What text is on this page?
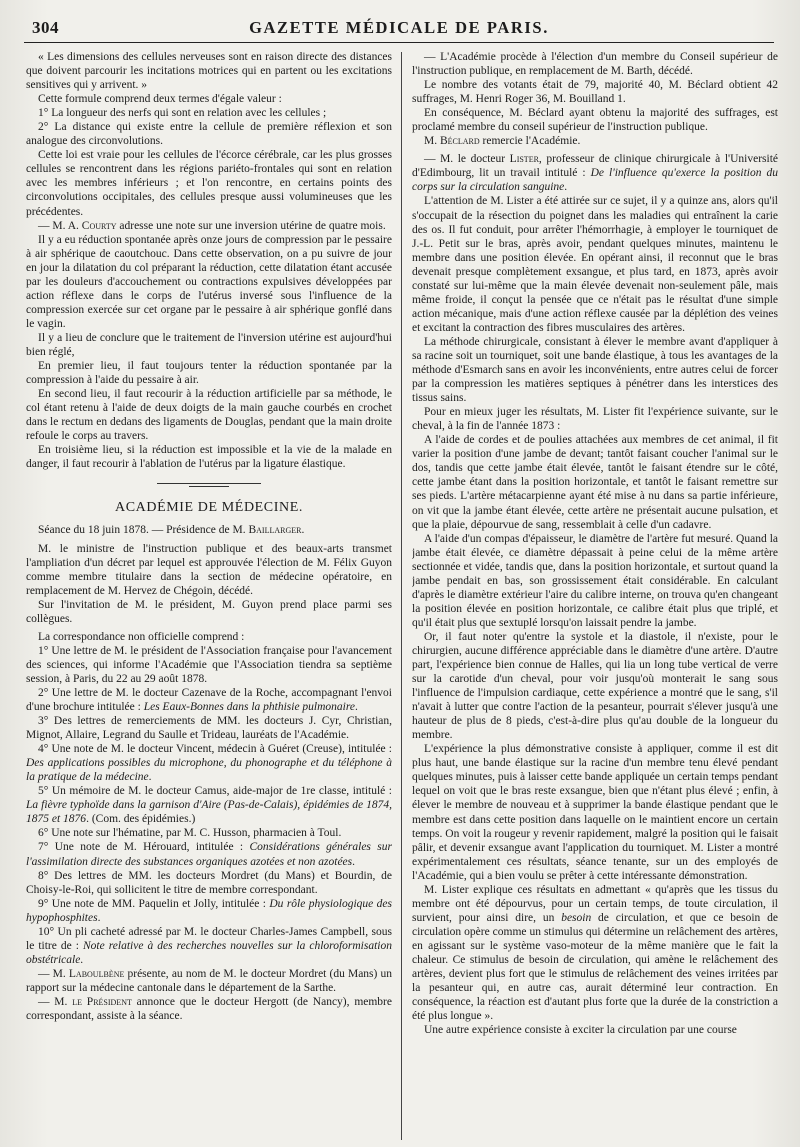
304	GAZETTE MÉDICALE DE PARIS.

« Les dimensions des cellules nerveuses sont en raison directe des distances que doivent parcourir les incitations motrices qui en partent ou les excitations sensitives qui y arrivent. »

Cette formule comprend deux termes d'égale valeur :

1° La longueur des nerfs qui sont en relation avec les cellules ;

2° La distance qui existe entre la cellule de première réflexion et son analogue des circonvolutions.

Cette loi est vraie pour les cellules de l'écorce cérébrale, car les plus grosses cellules se rencontrent dans les régions pariéto-frontales qui sont en relation avec les membres inférieurs ; et l'on rencontre, en certains points des circonvolutions occipitales, des cellules presque aussi volumineuses que les précédentes.

— M. A. Courty adresse une note sur une inversion utérine de quatre mois.

Il y a eu réduction spontanée après onze jours de compression par le pessaire à air sphérique de caoutchouc. Dans cette observation, on a pu suivre de jour en jour la dilatation du col préparant la réduction, cette dilatation étant accusée par les douleurs d'accouchement ou contractions expulsives développées par action réflexe dans le corps de l'utérus inversé sous l'influence de la compression exercée sur cet organe par le pessaire à air sphérique gonflé dans le vagin.

Il y a lieu de conclure que le traitement de l'inversion utérine est aujourd'hui bien réglé,

En premier lieu, il faut toujours tenter la réduction spontanée par la compression à l'aide du pessaire à air.

En second lieu, il faut recourir à la réduction artificielle par sa méthode, le col étant retenu à l'aide de deux doigts de la main gauche courbés en crochet dans le rectum en dedans des ligaments de Douglas, pendant que la main droite refoule le corps au travers.

En troisième lieu, si la réduction est impossible et la vie de la malade en danger, il faut recourir à l'ablation de l'utérus par la ligature élastique.

ACADÉMIE DE MÉDECINE.

Séance du 18 juin 1878. — Présidence de M. Baillarger.

M. le ministre de l'instruction publique et des beaux-arts transmet l'ampliation d'un décret par lequel est approuvée l'élection de M. Félix Guyon comme membre titulaire dans la section de médecine opératoire, en remplacement de M. Hervez de Chégoin, décédé.

Sur l'invitation de M. le président, M. Guyon prend place parmi ses collègues.

La correspondance non officielle comprend :

1° Une lettre de M. le président de l'Association française pour l'avancement des sciences, qui informe l'Académie que l'Association tiendra sa septième session, à Paris, du 22 au 29 août 1878.

2° Une lettre de M. le docteur Cazenave de la Roche, accompagnant l'envoi d'une brochure intitulée : Les Eaux-Bonnes dans la phthisie pulmonaire.

3° Des lettres de remerciements de MM. les docteurs J. Cyr, Christian, Mignot, Allaire, Legrand du Saulle et Trideau, lauréats de l'Académie.

4° Une note de M. le docteur Vincent, médecin à Guéret (Creuse), intitulée : Des applications possibles du microphone, du phonographe et du téléphone à la pratique de la médecine.

5° Un mémoire de M. le docteur Camus, aide-major de 1re classe, intitulé : La fièvre typhoïde dans la garnison d'Aire (Pas-de-Calais), épidémies de 1874, 1875 et 1876. (Com. des épidémies.)

6° Une note sur l'hématine, par M. C. Husson, pharmacien à Toul.

7° Une note de M. Hérouard, intitulée : Considérations générales sur l'assimilation directe des substances organiques azotées et non azotées.

8° Des lettres de MM. les docteurs Mordret (du Mans) et Bourdin, de Choisy-le-Roi, qui sollicitent le titre de membre correspondant.

9° Une note de MM. Paquelin et Jolly, intitulée : Du rôle physiologique des hypophosphites.

10° Un pli cacheté adressé par M. le docteur Charles-James Campbell, sous le titre de : Note relative à des recherches nouvelles sur la chloroformisation obstétricale.

— M. Laboulbène présente, au nom de M. le docteur Mordret (du Mans) un rapport sur la médecine cantonale dans le département de la Sarthe.

— M. le Président annonce que le docteur Hergott (de Nancy), membre correspondant, assiste à la séance.

— L'Académie procède à l'élection d'un membre du Conseil supérieur de l'instruction publique, en remplacement de M. Barth, décédé.

Le nombre des votants était de 79, majorité 40, M. Béclard obtient 42 suffrages, M. Henri Roger 36, M. Bouilland 1.

En conséquence, M. Béclard ayant obtenu la majorité des suffrages, est proclamé membre du conseil supérieur de l'instruction publique.

M. Béclard remercie l'Académie.

— M. le docteur Lister, professeur de clinique chirurgicale à l'Université d'Edimbourg, lit un travail intitulé : De l'influence qu'exerce la position du corps sur la circulation sanguine.

L'attention de M. Lister a été attirée sur ce sujet, il y a quinze ans, alors qu'il s'occupait de la résection du poignet dans les maladies qui entraînent la carie des os. Il fut conduit, pour arrêter l'hémorrhagie, à employer le tourniquet de J.-L. Petit sur le bras, après avoir, pendant quelques minutes, maintenu le membre dans une position élevée. En opérant ainsi, il reconnut que le bras devenait presque complètement exsangue, et plus tard, en 1873, après avoir constaté sur lui-même que la main élevée devenait non-seulement pâle, mais même froide, il conçut la pensée que ce n'était pas le résultat d'une simple action mécanique, mais d'une action réflexe causée par la déplétion des veines et excitant la contraction des fibres musculaires des artères.

La méthode chirurgicale, consistant à élever le membre avant d'appliquer à sa racine soit un tourniquet, soit une bande élastique, à tous les avantages de la méthode d'Esmarch sans en avoir les inconvénients, entre autres celui de forcer par la compression les matières septiques à pénétrer dans les interstices des tissus sains.

Pour en mieux juger les résultats, M. Lister fit l'expérience suivante, sur le cheval, à la fin de l'année 1873 :

A l'aide de cordes et de poulies attachées aux membres de cet animal, il fit varier la position d'une jambe de devant; tantôt faisant coucher l'animal sur le dos, tandis que cette jambe était élevée, tantôt le faisant étendre sur le côté, cette jambe étant dans la position horizontale, et tantôt le faisant remettre sur ses pieds. L'artère métacarpienne ayant été mise à nu dans sa partie inférieure, on vit que la jambe étant élevée, cette artère ne présentait aucune pulsation, et que la plaie, dépourvue de sang, ressemblait à celle d'un cadavre.

A l'aide d'un compas d'épaisseur, le diamètre de l'artère fut mesuré. Quand la jambe était élevée, ce diamètre dépassait à peine celui de la même artère sectionnée et vidée, tandis que, dans la position horizontale, et surtout quand la jambe pendait en bas, son grossissement était considérable. En calculant d'après le diamètre extérieur l'aire du calibre interne, on trouva qu'en changeant la position élevée en position horizontale, ce calibre était plus que triplé, et qu'il était plus que sextuplé lorsqu'on laissait pendre la jambe.

Or, il faut noter qu'entre la systole et la diastole, il n'existe, pour le chirurgien, aucune différence appréciable dans le diamètre d'une artère. D'autre part, l'expérience bien connue de Halles, qui lia un long tube vertical de verre sur la carotide d'un cheval, pour voir jusqu'où monterait le sang sous l'influence de l'impulsion cardiaque, cette expérience a montré que le sang, s'il n'avait à lutter que contre l'action de la pesanteur, pourrait s'élever jusqu'à une hauteur de plus de 8 pieds, c'est-à-dire plus qu'au double de la longueur du membre.

L'expérience la plus démonstrative consiste à appliquer, comme il est dit plus haut, une bande élastique sur la racine d'un membre tenu élevé pendant quelques minutes, puis à laisser cette bande appliquée un certain temps pendant lequel on voit que le bras reste exsangue, bien que n'étant plus élevé ; enfin, à élever le membre de nouveau et à supprimer la bande élastique pendant que le membre est dans cette position dans laquelle on le maintient encore un certain temps. On voit la rougeur y revenir rapidement, malgré la position qui le faisait pâlir, et devenir exsangue avant l'application du tourniquet. M. Lister a montré expérimentalement ces résultats, séance tenante, sur un des employés de l'Académie, qui a bien voulu se prêter à cette intéressante démonstration.

M. Lister explique ces résultats en admettant « qu'après que les tissus du membre ont été dépourvus, pour un certain temps, de toute circulation, il survient, pour ainsi dire, un besoin de circulation, et que ce besoin de circulation opère comme un stimulus qui détermine un relâchement des artères, en agissant sur le système vaso-moteur de la même manière que le fait la chaleur. Ce stimulus de besoin de circulation, qui amène le relâchement des artères, devient plus fort que le stimulus de relâchement des veines irritées par la pesanteur qui, en autre cas, aurait déterminé leur contraction. En conséquence, la réaction est d'autant plus forte que la durée de la constriction a été plus longue ».

Une autre expérience consiste à exciter la circulation par une course
